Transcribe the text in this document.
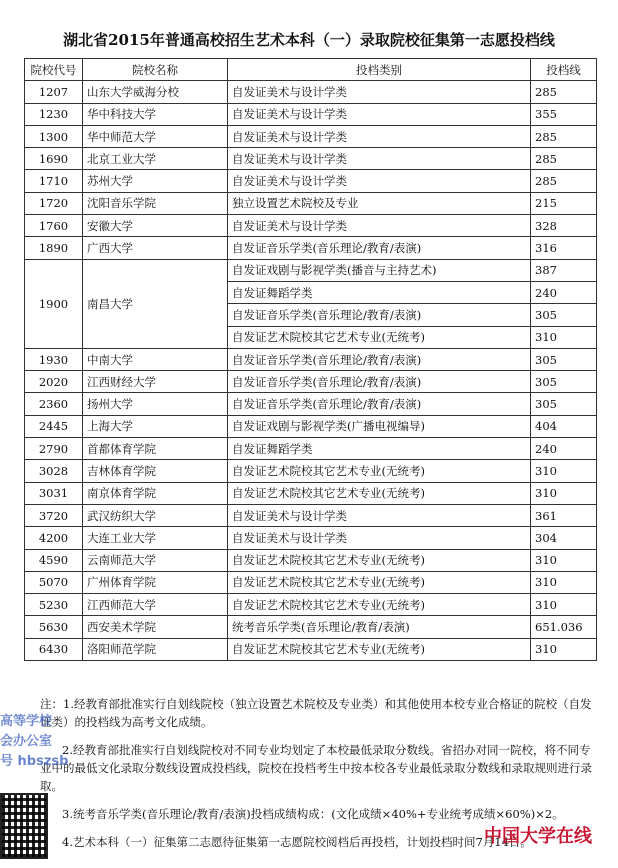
湖北省2015年普通高校招生艺术本科（一）录取院校征集第一志愿投档线
院校代号	院校名称	投档类别	投档线
1207	山东大学威海分校	自发证美术与设计学类	285
1230	华中科技大学	自发证美术与设计学类	355
1300	华中师范大学	自发证美术与设计学类	285
1690	北京工业大学	自发证美术与设计学类	285
1710	苏州大学	自发证美术与设计学类	285
1720	沈阳音乐学院	独立设置艺术院校及专业	215
1760	安徽大学	自发证美术与设计学类	328
1890	广西大学	自发证音乐学类(音乐理论/教育/表演)	316
1900	南昌大学	自发证戏剧与影视学类(播音与主持艺术)	387
		自发证舞蹈学类	240
		自发证音乐学类(音乐理论/教育/表演)	305
		自发证艺术院校其它艺术专业(无统考)	310
1930	中南大学	自发证音乐学类(音乐理论/教育/表演)	305
2020	江西财经大学	自发证音乐学类(音乐理论/教育/表演)	305
2360	扬州大学	自发证音乐学类(音乐理论/教育/表演)	305
2445	上海大学	自发证戏剧与影视学类(广播电视编导)	404
2790	首都体育学院	自发证舞蹈学类	240
3028	吉林体育学院	自发证艺术院校其它艺术专业(无统考)	310
3031	南京体育学院	自发证艺术院校其它艺术专业(无统考)	310
3720	武汉纺织大学	自发证美术与设计学类	361
4200	大连工业大学	自发证美术与设计学类	304
4590	云南师范大学	自发证艺术院校其它艺术专业(无统考)	310
5070	广州体育学院	自发证艺术院校其它艺术专业(无统考)	310
5230	江西师范大学	自发证艺术院校其它艺术专业(无统考)	310
5630	西安美术学院	统考音乐学类(音乐理论/教育/表演)	651.036
6430	洛阳师范学院	自发证艺术院校其它艺术专业(无统考)	310

注：1.经教育部批准实行自划线院校（独立设置艺术院校及专业类）和其他使用本校专业合格证的院校（自发证类）的投档线为高考文化成绩。

2.经教育部批准实行自划线院校对不同专业均划定了本校最低录取分数线。省招办对同一院校，将不同专业中的最低文化录取分数线设置成投档线，院校在投档考生中按本校各专业最低录取分数线和录取规则进行录取。

3.统考音乐学类(音乐理论/教育/表演)投档成绩构成：(文化成绩×40%+专业统考成绩×60%)×2。

4.艺术本科（一）征集第二志愿待征集第一志愿院校阅档后再投档，计划投档时间7月14日。

高等学校
会办公室
号 hbszsb
中国大学在线
